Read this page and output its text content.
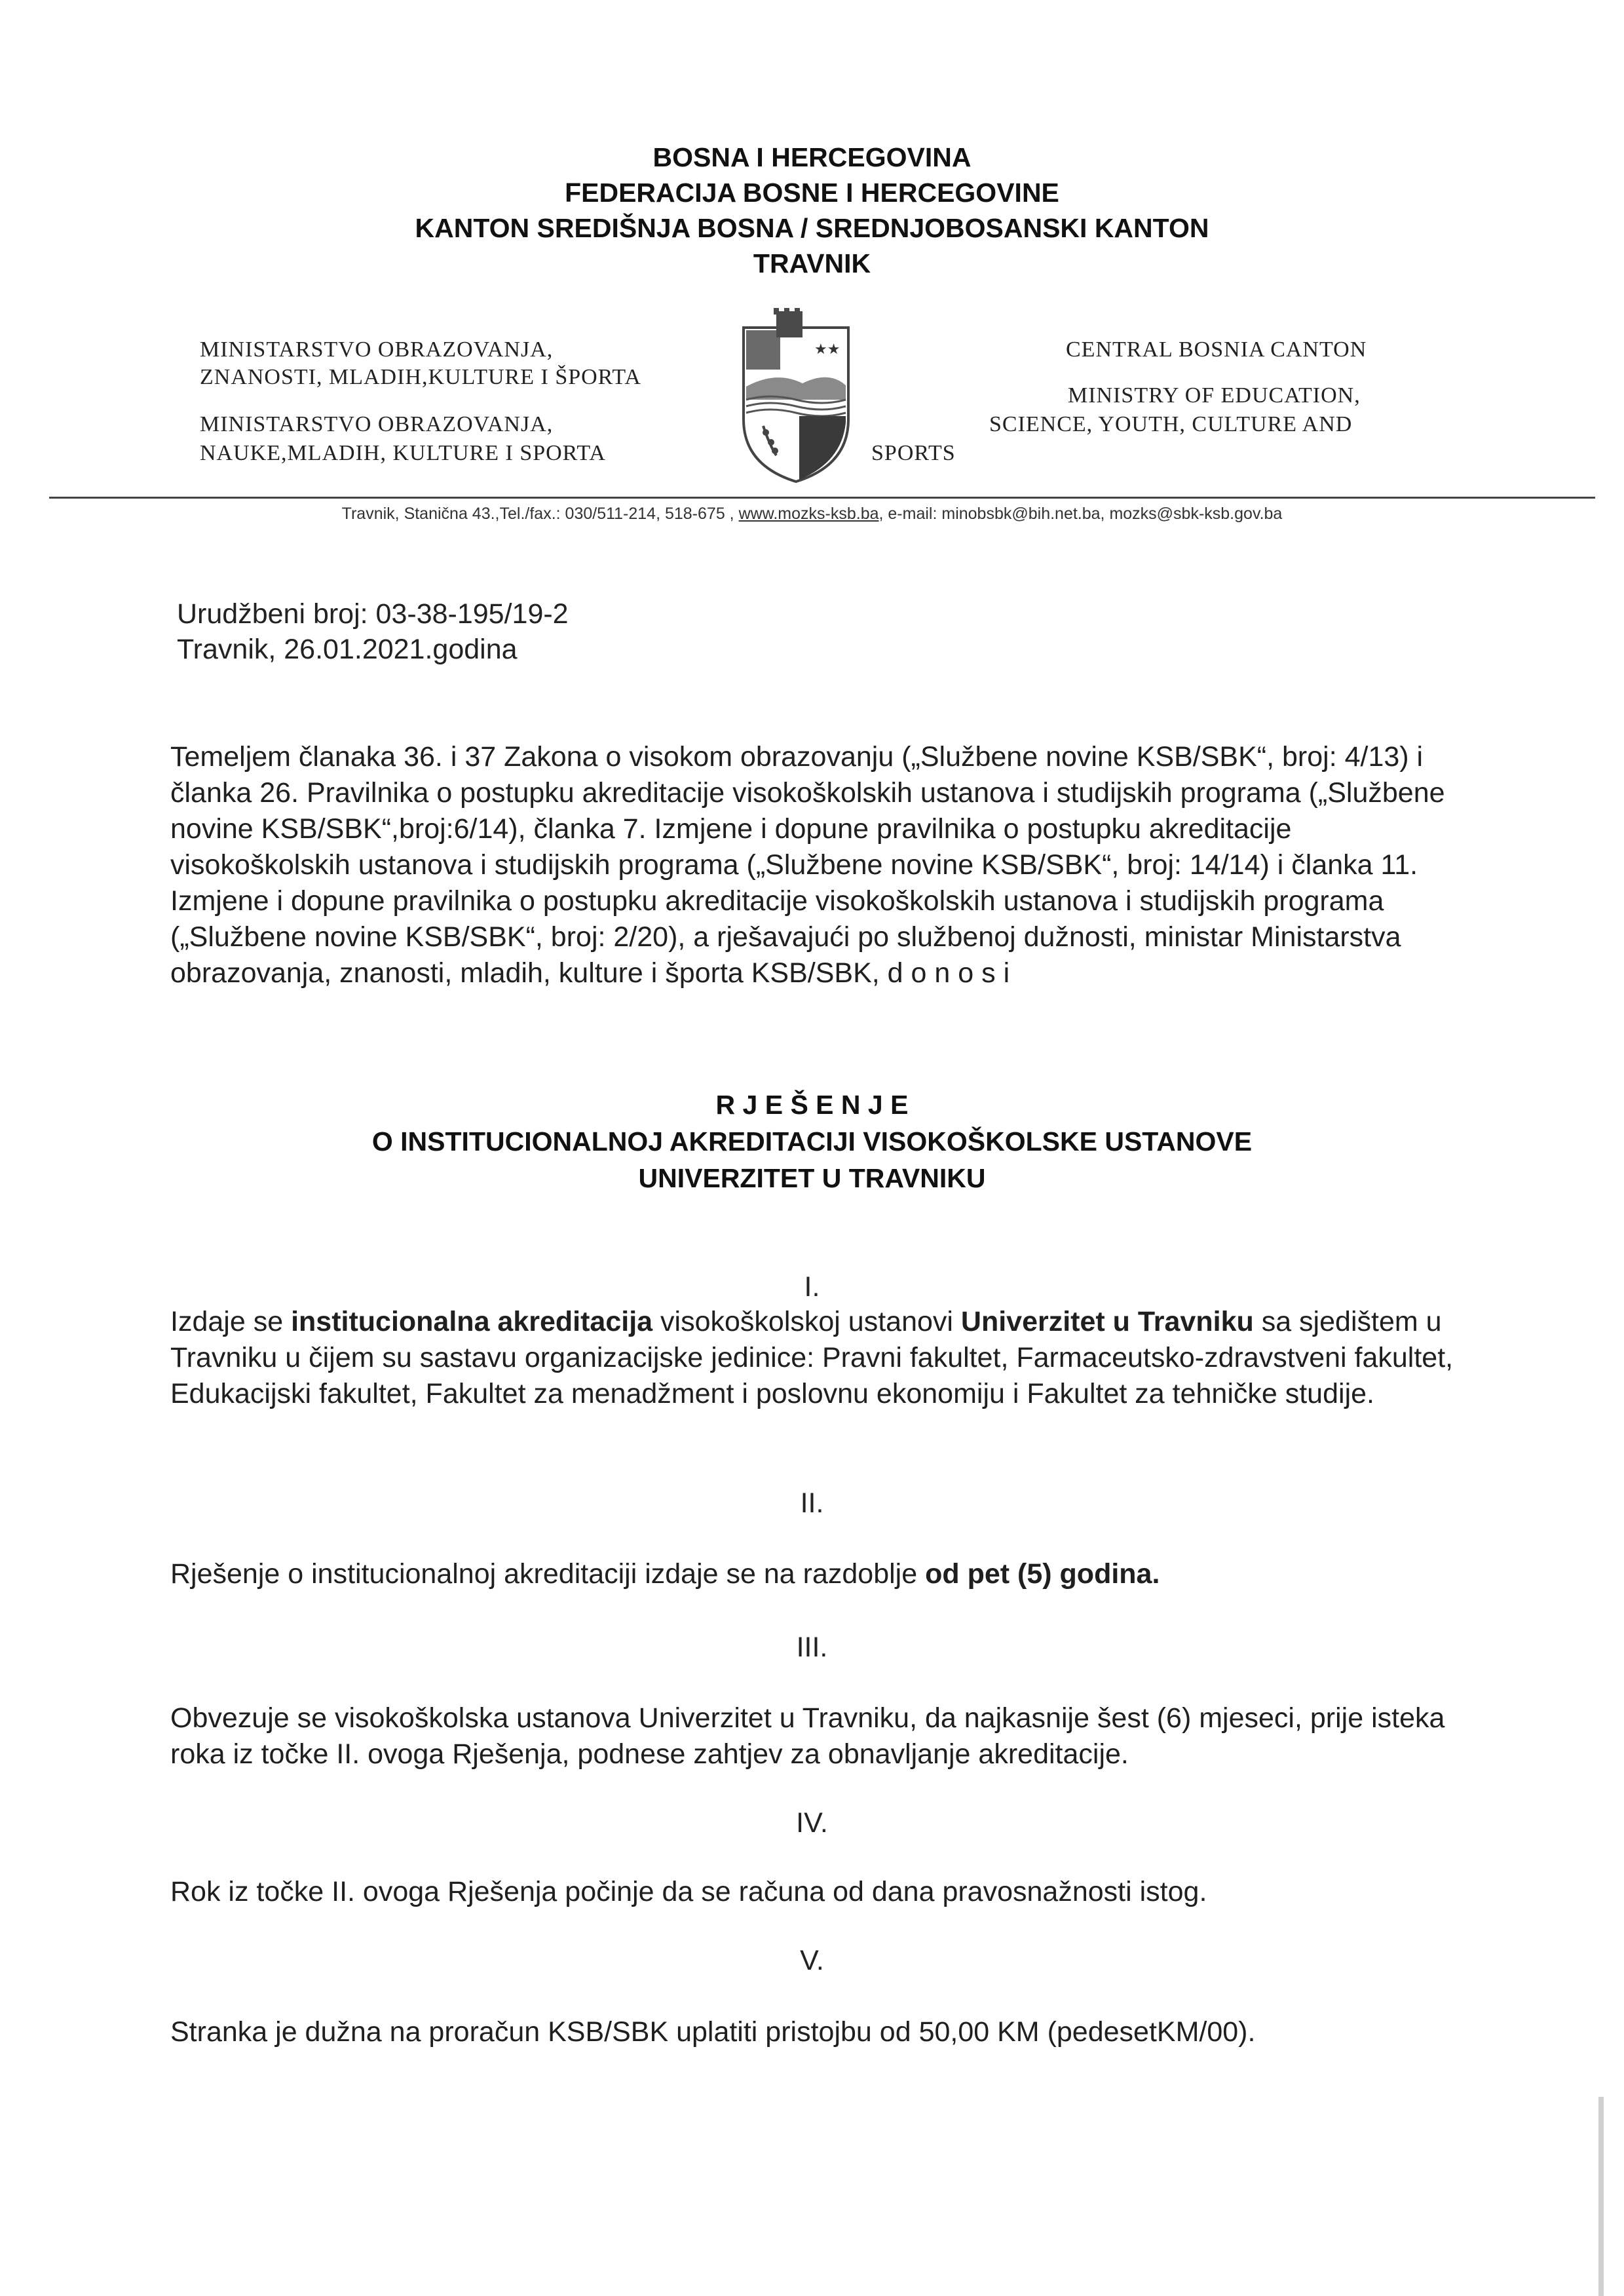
BOSNA I HERCEGOVINA
FEDERACIJA BOSNE I HERCEGOVINE
KANTON SREDIŠNJA BOSNA / SREDNJOBOSANSKI KANTON
TRAVNIK
MINISTARSTVO OBRAZOVANJA,
ZNANOSTI, MLADIH,KULTURE I ŠPORTA
MINISTARSTVO OBRAZOVANJA,
NAUKE,MLADIH, KULTURE I SPORTA
★★	CENTRAL BOSNIA CANTON
MINISTRY OF EDUCATION,
SCIENCE, YOUTH, CULTURE AND
SPORTS
Travnik, Stanična 43.,Tel./fax.: 030/511-214, 518-675 , www.mozks-ksb.ba, e-mail: minobsbk@bih.net.ba, mozks@sbk-ksb.gov.ba
Urudžbeni broj: 03-38-195/19-2
Travnik, 26.01.2021.godina
Temeljem članaka 36. i 37 Zakona o visokom obrazovanju („Službene novine KSB/SBK“, broj: 4/13) i članka 26. Pravilnika o postupku akreditacije visokoškolskih ustanova i studijskih programa („Službene novine KSB/SBK“,broj:6/14), članka 7. Izmjene i dopune pravilnika o postupku akreditacije visokoškolskih ustanova i studijskih programa („Službene novine KSB/SBK“, broj: 14/14) i članka 11. Izmjene i dopune pravilnika o postupku akreditacije visokoškolskih ustanova i studijskih programa („Službene novine KSB/SBK“, broj: 2/20), a rješavajući po službenoj dužnosti, ministar Ministarstva obrazovanja, znanosti, mladih, kulture i športa KSB/SBK, d o n o s i
R J E Š E N J E
O INSTITUCIONALNOJ AKREDITACIJI VISOKOŠKOLSKE USTANOVE
UNIVERZITET U TRAVNIKU
I.
Izdaje se institucionalna akreditacija visokoškolskoj ustanovi Univerzitet u Travniku sa sjedištem u Travniku u čijem su sastavu organizacijske jedinice: Pravni fakultet, Farmaceutsko-zdravstveni fakultet, Edukacijski fakultet, Fakultet za menadžment i poslovnu ekonomiju i Fakultet za tehničke studije.
II.
Rješenje o institucionalnoj akreditaciji izdaje se na razdoblje od pet (5) godina.
III.
Obvezuje se visokoškolska ustanova Univerzitet u Travniku, da najkasnije šest (6) mjeseci, prije isteka roka iz točke II. ovoga Rješenja, podnese zahtjev za obnavljanje akreditacije.
IV.
Rok iz točke II. ovoga Rješenja počinje da se računa od dana pravosnažnosti istog.
V.
Stranka je dužna na proračun KSB/SBK uplatiti pristojbu od 50,00 KM (pedesetKM/00).
